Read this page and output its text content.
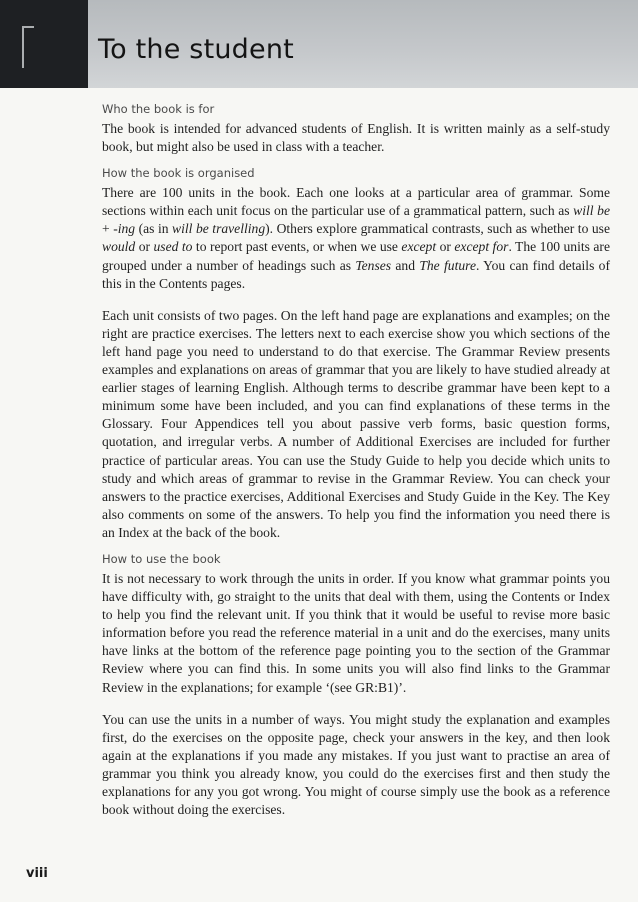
To the student
Who the book is for

The book is intended for advanced students of English. It is written mainly as a self-study book, but might also be used in class with a teacher.

How the book is organised

There are 100 units in the book. Each one looks at a particular area of grammar. Some sections within each unit focus on the particular use of a grammatical pattern, such as will be + -ing (as in will be travelling). Others explore grammatical contrasts, such as whether to use would or used to to report past events, or when we use except or except for. The 100 units are grouped under a number of headings such as Tenses and The future. You can find details of this in the Contents pages.

Each unit consists of two pages. On the left hand page are explanations and examples; on the right are practice exercises. The letters next to each exercise show you which sections of the left hand page you need to understand to do that exercise. The Grammar Review presents examples and explanations on areas of grammar that you are likely to have studied already at earlier stages of learning English. Although terms to describe grammar have been kept to a minimum some have been included, and you can find explanations of these terms in the Glossary. Four Appendices tell you about passive verb forms, basic question forms, quotation, and irregular verbs. A number of Additional Exercises are included for further practice of particular areas. You can use the Study Guide to help you decide which units to study and which areas of grammar to revise in the Grammar Review. You can check your answers to the practice exercises, Additional Exercises and Study Guide in the Key. The Key also comments on some of the answers. To help you find the information you need there is an Index at the back of the book.

How to use the book

It is not necessary to work through the units in order. If you know what grammar points you have difficulty with, go straight to the units that deal with them, using the Contents or Index to help you find the relevant unit. If you think that it would be useful to revise more basic information before you read the reference material in a unit and do the exercises, many units have links at the bottom of the reference page pointing you to the section of the Grammar Review where you can find this. In some units you will also find links to the Grammar Review in the explanations; for example ‘(see GR:B1)’.

You can use the units in a number of ways. You might study the explanation and examples first, do the exercises on the opposite page, check your answers in the key, and then look again at the explanations if you made any mistakes. If you just want to practise an area of grammar you think you already know, you could do the exercises first and then study the explanations for any you got wrong. You might of course simply use the book as a reference book without doing the exercises.

viii
